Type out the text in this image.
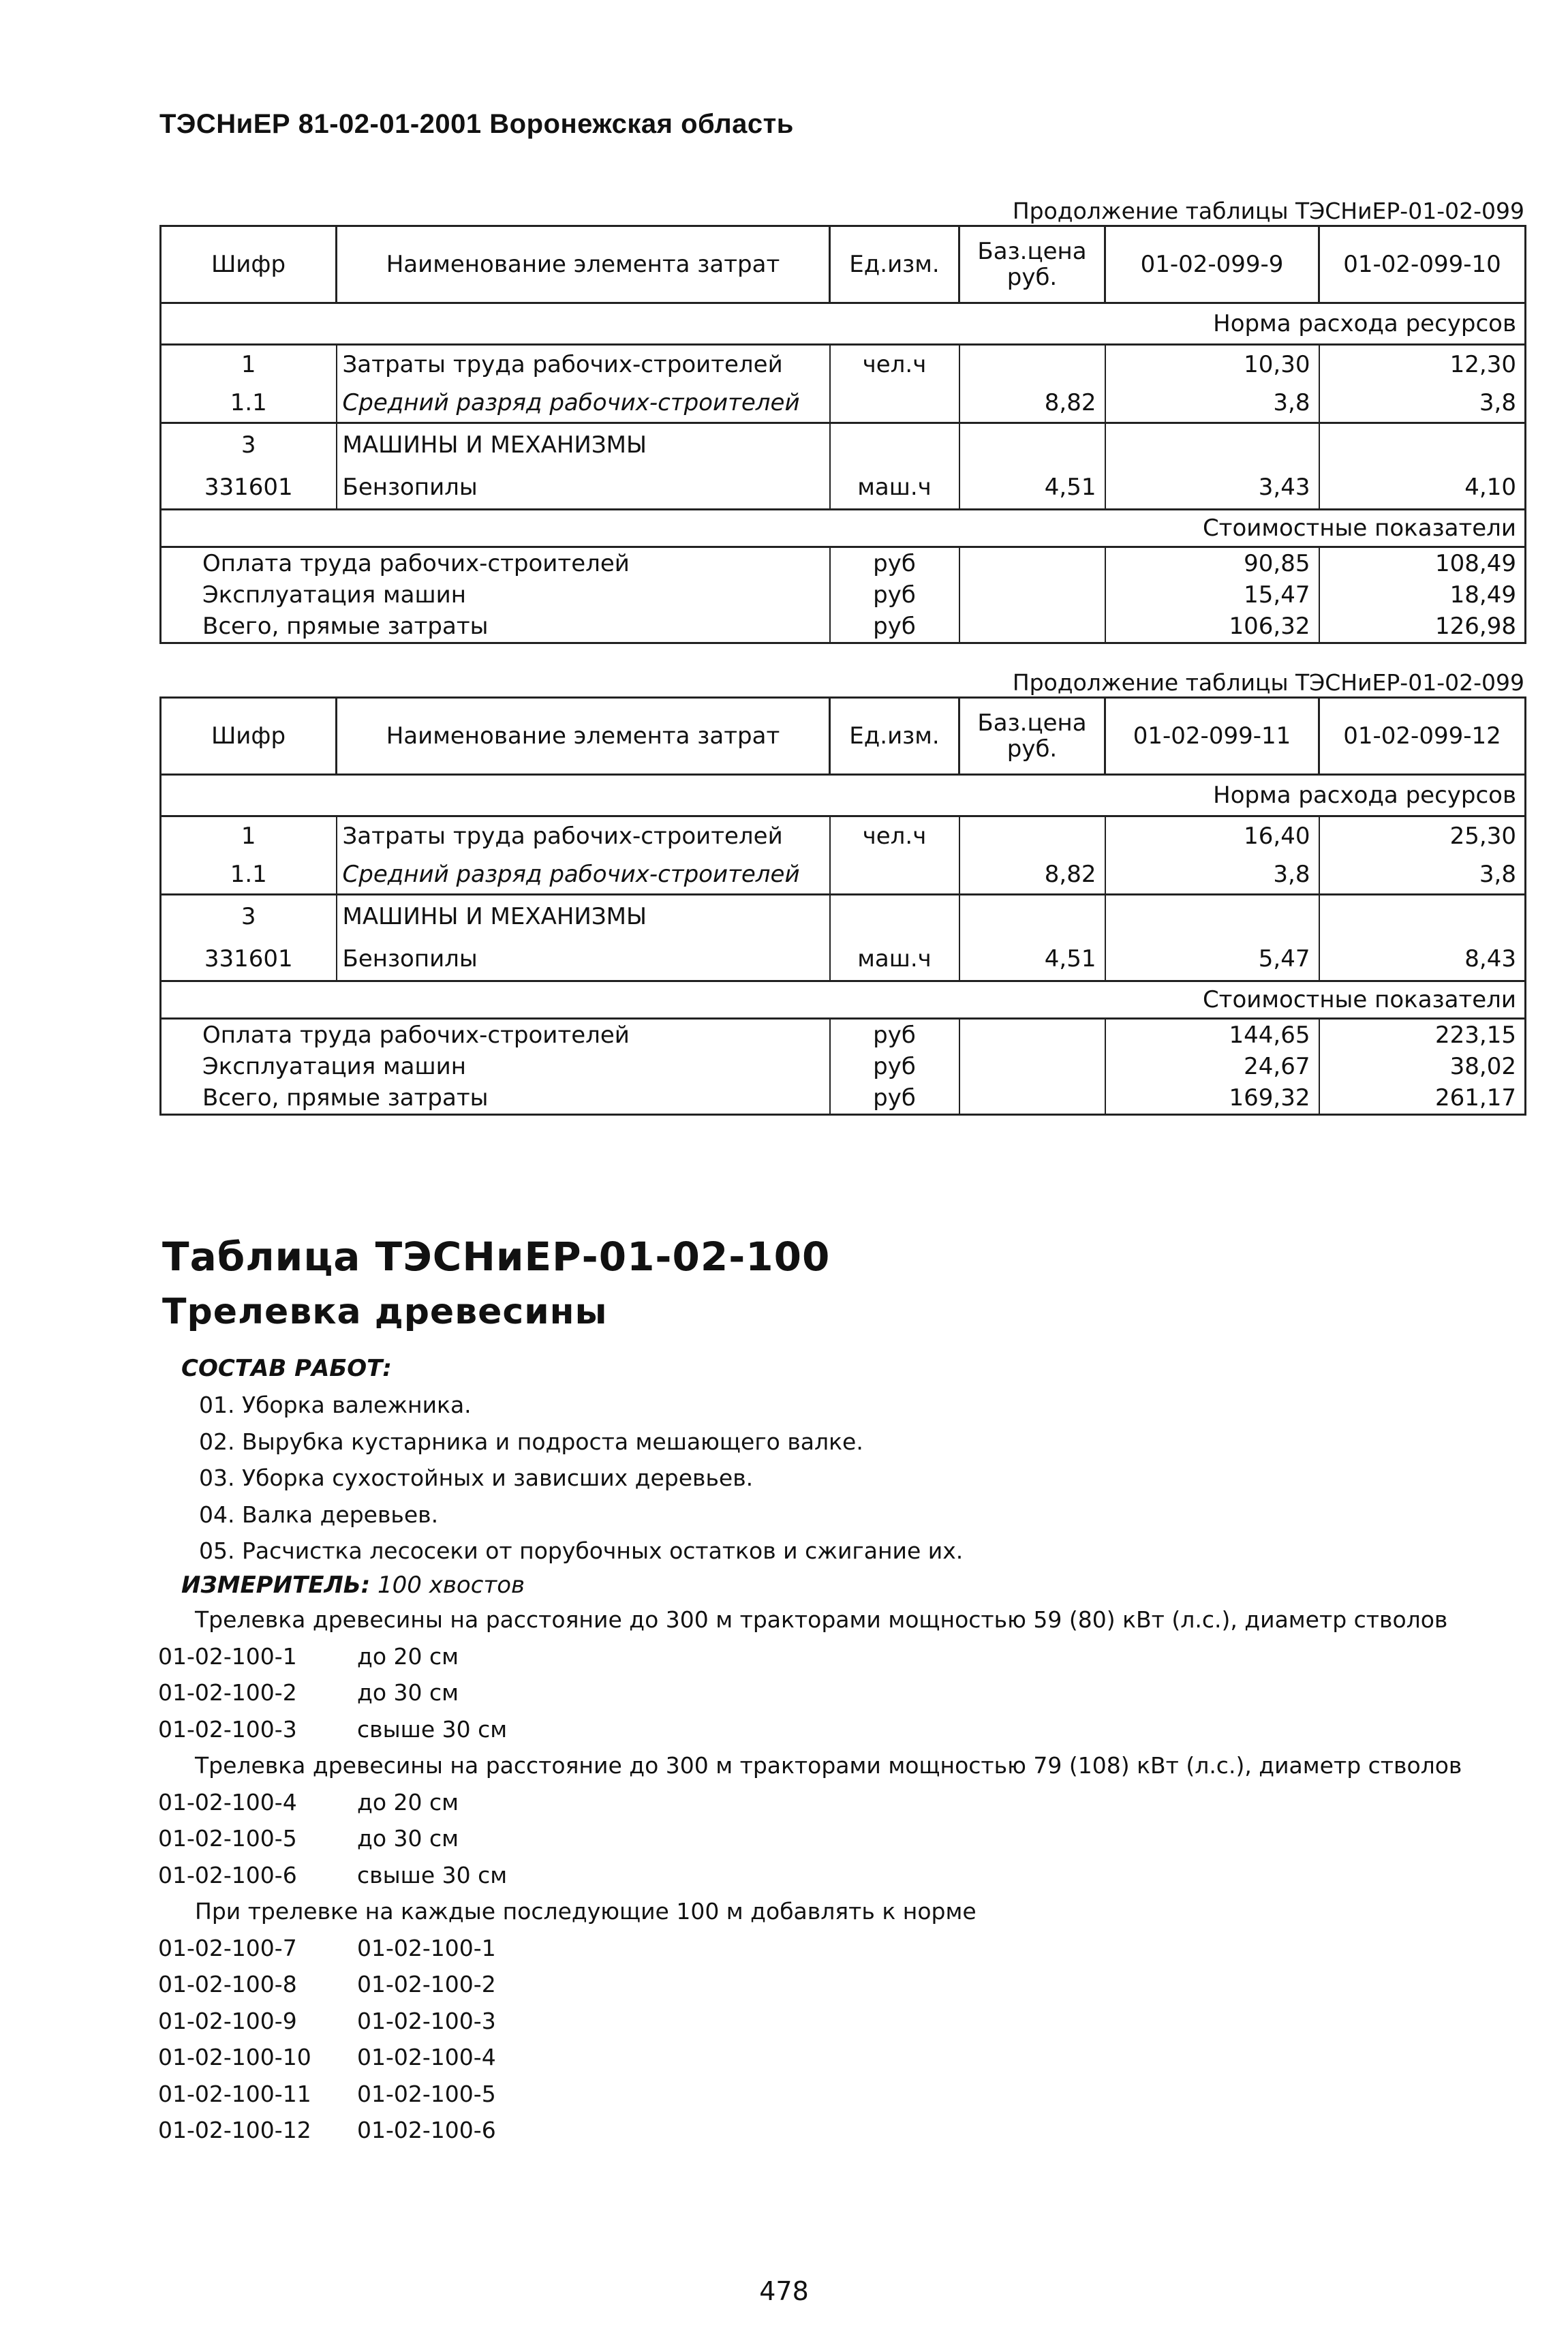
ТЭСНиЕР 81-02-01-2001 Воронежская область
Продолжение таблицы ТЭСНиЕР-01-02-099
Шифр	Наименование элемента затрат	Ед.изм.	Баз.цена руб.	01-02-099-9	01-02-099-10
Норма расхода ресурсов					
1	Затраты труда рабочих-строителей	чел.ч		10,30	12,30
1.1	Средний разряд рабочих-строителей		8,82	3,8	3,8
3	МАШИНЫ И МЕХАНИЗМЫ				
331601	Бензопилы	маш.ч	4,51	3,43	4,10
Стоимостные показатели					
Оплата труда рабочих-строителей		руб		90,85	108,49
Эксплуатация машин		руб		15,47	18,49
Всего, прямые затраты		руб		106,32	126,98
Продолжение таблицы ТЭСНиЕР-01-02-099
Шифр	Наименование элемента затрат	Ед.изм.	Баз.цена руб.	01-02-099-11	01-02-099-12
Норма расхода ресурсов					
1	Затраты труда рабочих-строителей	чел.ч		16,40	25,30
1.1	Средний разряд рабочих-строителей		8,82	3,8	3,8
3	МАШИНЫ И МЕХАНИЗМЫ				
331601	Бензопилы	маш.ч	4,51	5,47	8,43
Стоимостные показатели					
Оплата труда рабочих-строителей		руб		144,65	223,15
Эксплуатация машин		руб		24,67	38,02
Всего, прямые затраты		руб		169,32	261,17
Таблица ТЭСНиЕР-01-02-100
Трелевка древесины
СОСТАВ РАБОТ:
01. Уборка валежника.
02. Вырубка кустарника и подроста мешающего валке.
03. Уборка сухостойных и зависших деревьев.
04. Валка деревьев.
05. Расчистка лесосеки от порубочных остатков и сжигание их.
ИЗМЕРИТЕЛЬ: 100 хвостов
Трелевка древесины на расстояние до 300 м тракторами мощностью 59 (80) кВт (л.с.), диаметр стволов
01-02-100-1	до 20 см
01-02-100-2	до 30 см
01-02-100-3	свыше 30 см
Трелевка древесины на расстояние до 300 м тракторами мощностью 79 (108) кВт (л.с.), диаметр стволов
01-02-100-4	до 20 см
01-02-100-5	до 30 см
01-02-100-6	свыше 30 см
При трелевке на каждые последующие 100 м добавлять к норме
01-02-100-7	01-02-100-1
01-02-100-8	01-02-100-2
01-02-100-9	01-02-100-3
01-02-100-10 01-02-100-4
01-02-100-11 01-02-100-5
01-02-100-12 01-02-100-6
478
